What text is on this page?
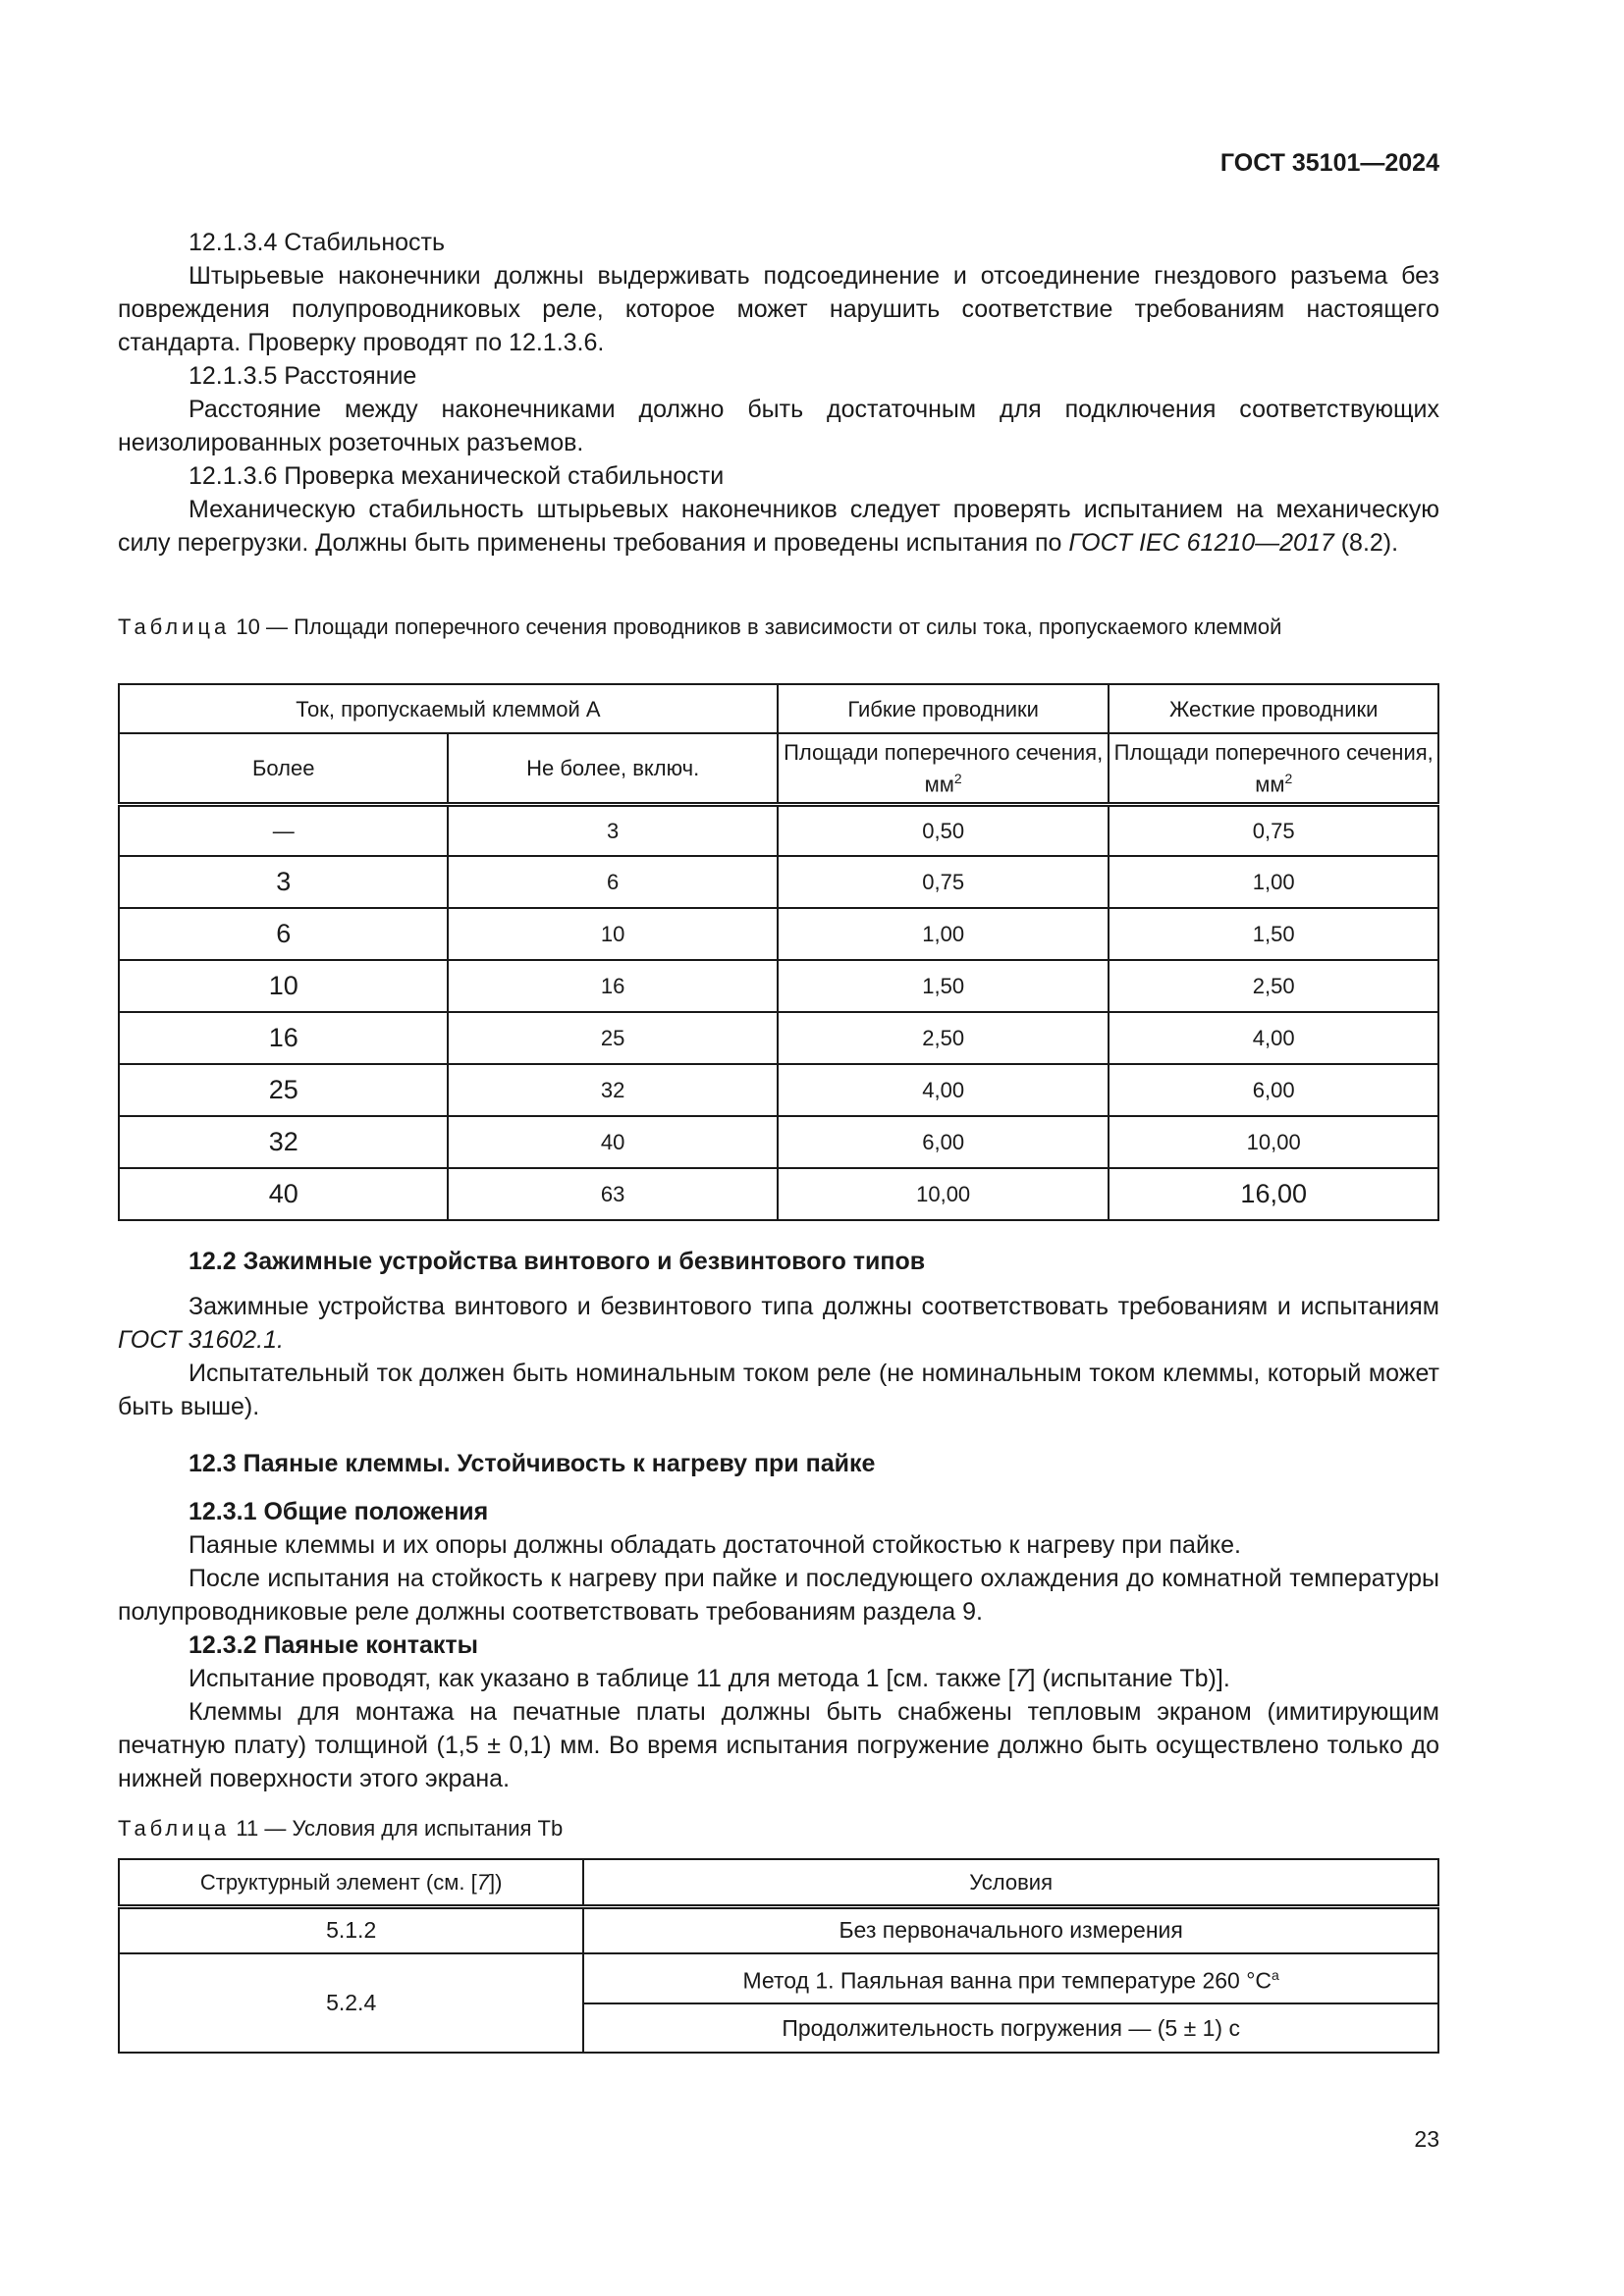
ГОСТ 35101—2024
12.1.3.4 Стабильность
Штырьевые наконечники должны выдерживать подсоединение и отсоединение гнездового разъема без повреждения полупроводниковых реле, которое может нарушить соответствие требованиям настоящего стандарта. Проверку проводят по 12.1.3.6.
12.1.3.5 Расстояние
Расстояние между наконечниками должно быть достаточным для подключения соответствующих неизолированных розеточных разъемов.
12.1.3.6 Проверка механической стабильности
Механическую стабильность штырьевых наконечников следует проверять испытанием на механическую силу перегрузки. Должны быть применены требования и проведены испытания по ГОСТ IEC 61210—2017 (8.2).
Таблица 10 — Площади поперечного сечения проводников в зависимости от силы тока, пропускаемого клеммой
Ток, пропускаемый клеммой А		Гибкие проводники	Жесткие проводники
Более	Не более, включ.	Площади поперечного сечения, $мм^2$	Площади поперечного сечения, $мм^2$
—	3	0,50	0,75
3	6	0,75	1,00
6	10	1,00	1,50
10	16	1,50	2,50
16	25	2,50	4,00
25	32	4,00	6,00
32	40	6,00	10,00
40	63	10,00	16,00
12.2 Зажимные устройства винтового и безвинтового типов
Зажимные устройства винтового и безвинтового типа должны соответствовать требованиям и испытаниям ГОСТ 31602.1.
Испытательный ток должен быть номинальным током реле (не номинальным током клеммы, который может быть выше).
12.3 Паяные клеммы. Устойчивость к нагреву при пайке
12.3.1 Общие положения
Паяные клеммы и их опоры должны обладать достаточной стойкостью к нагреву при пайке.
После испытания на стойкость к нагреву при пайке и последующего охлаждения до комнатной температуры полупроводниковые реле должны соответствовать требованиям раздела 9.
12.3.2 Паяные контакты
Испытание проводят, как указано в таблице 11 для метода 1 [см. также [7] (испытание Tb)].
Клеммы для монтажа на печатные платы должны быть снабжены тепловым экраном (имитирующим печатную плату) толщиной (1,5 ± 0,1) мм. Во время испытания погружение должно быть осуществлено только до нижней поверхности этого экрана.
Таблица 11 — Условия для испытания Tb
Структурный элемент (см. [7])	Условия
5.1.2	Без первоначального измерения
5.2.4	Метод 1. Паяльная ванна при температуре 260 $^\circ C^a$
	Продолжительность погружения — (5 ± 1) с
23
